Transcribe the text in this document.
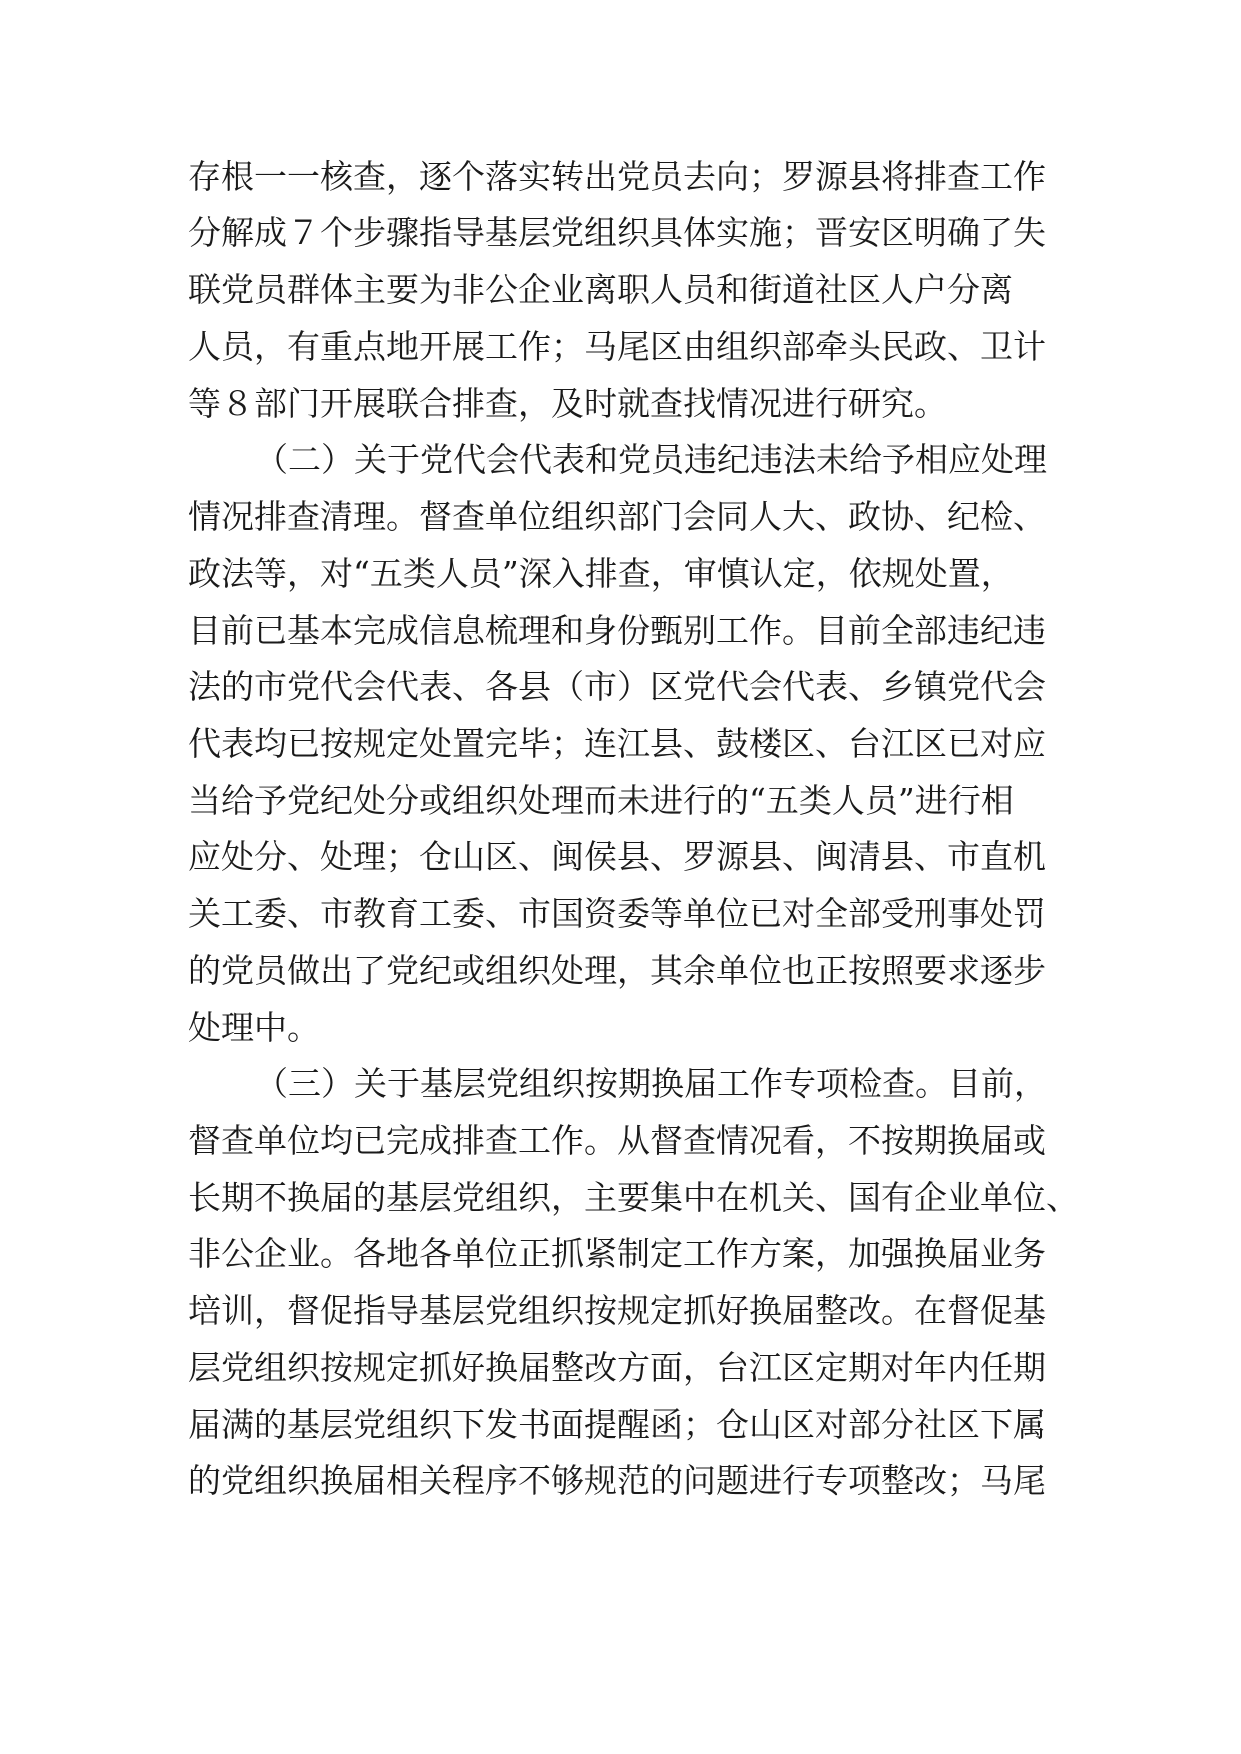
存根一一核查，逐个落实转出党员去向；罗源县将排查工作
分解成７个步骤指导基层党组织具体实施；晋安区明确了失
联党员群体主要为非公企业离职人员和街道社区人户分离
人员，有重点地开展工作；马尾区由组织部牵头民政、卫计
等８部门开展联合排查，及时就查找情况进行研究。
（二）关于党代会代表和党员违纪违法未给予相应处理
情况排查清理。督查单位组织部门会同人大、政协、纪检、
政法等，对“五类人员”深入排查，审慎认定，依规处置，
目前已基本完成信息梳理和身份甄别工作。目前全部违纪违
法的市党代会代表、各县（市）区党代会代表、乡镇党代会
代表均已按规定处置完毕；连江县、鼓楼区、台江区已对应
当给予党纪处分或组织处理而未进行的“五类人员”进行相
应处分、处理；仓山区、闽侯县、罗源县、闽清县、市直机
关工委、市教育工委、市国资委等单位已对全部受刑事处罚
的党员做出了党纪或组织处理，其余单位也正按照要求逐步
处理中。
（三）关于基层党组织按期换届工作专项检查。目前，
督查单位均已完成排查工作。从督查情况看，不按期换届或
长期不换届的基层党组织，主要集中在机关、国有企业单位、
非公企业。各地各单位正抓紧制定工作方案，加强换届业务
培训，督促指导基层党组织按规定抓好换届整改。在督促基
层党组织按规定抓好换届整改方面，台江区定期对年内任期
届满的基层党组织下发书面提醒函；仓山区对部分社区下属
的党组织换届相关程序不够规范的问题进行专项整改；马尾
